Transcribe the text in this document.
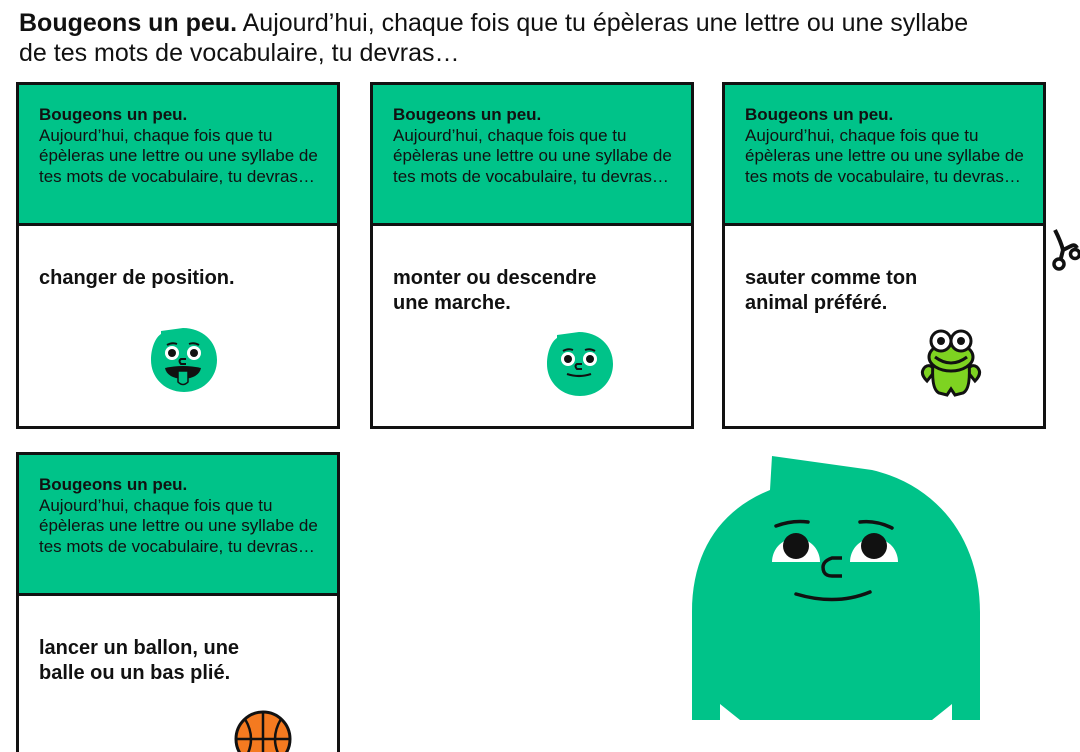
Bougeons un peu. Aujourd’hui, chaque fois que tu épèleras une lettre ou une syllabe de tes mots de vocabulaire, tu devras…
Bougeons un peu.
Aujourd’hui, chaque fois que tu épèleras une lettre ou une syllabe de tes mots de vocabulaire, tu devras…
changer de position.
Bougeons un peu.
Aujourd’hui, chaque fois que tu épèleras une lettre ou une syllabe de tes mots de vocabulaire, tu devras…
monter ou descendre une marche.
Bougeons un peu.
Aujourd’hui, chaque fois que tu épèleras une lettre ou une syllabe de tes mots de vocabulaire, tu devras…
sauter comme ton animal préféré.
Bougeons un peu.
Aujourd’hui, chaque fois que tu épèleras une lettre ou une syllabe de tes mots de vocabulaire, tu devras…
lancer un ballon, une balle ou un bas plié.
